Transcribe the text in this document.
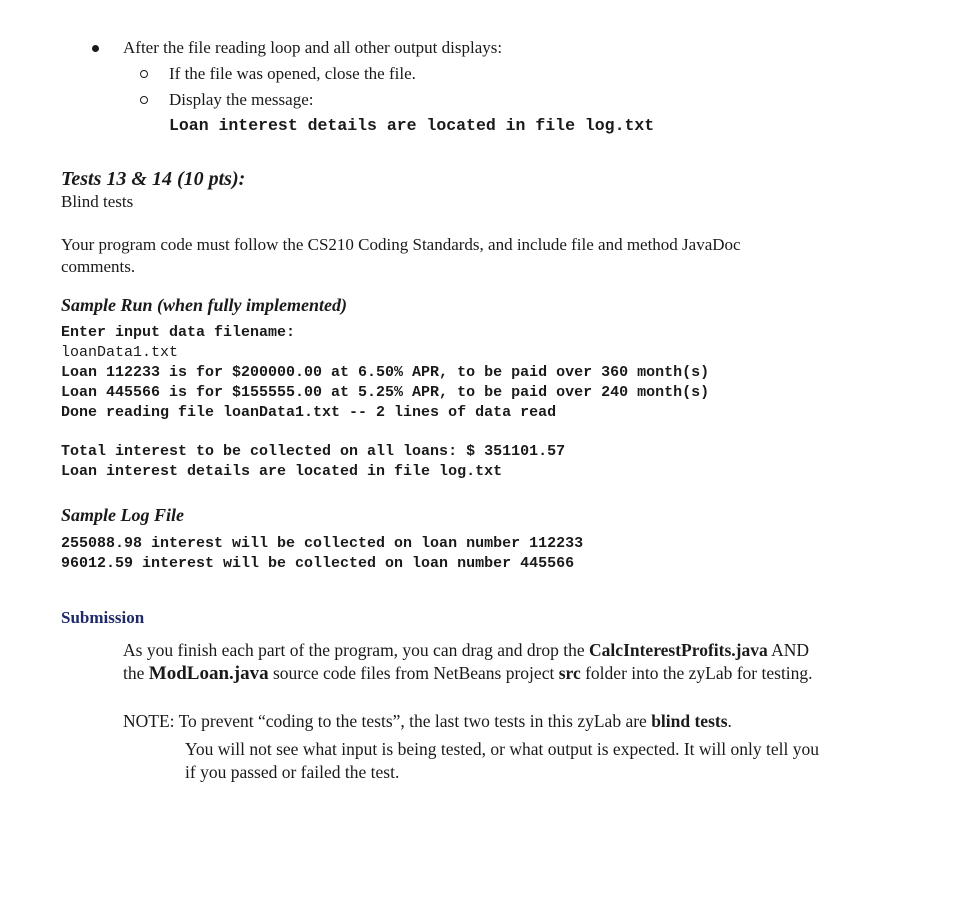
After the file reading loop and all other output displays:
If the file was opened, close the file.
Display the message:
Loan interest details are located in file log.txt
Tests 13 & 14 (10 pts):
Blind tests
Your program code must follow the CS210 Coding Standards, and include file and method JavaDoc
comments.
Sample Run (when fully implemented)
Enter input data filename:
loanData1.txt
Loan 112233 is for $200000.00 at 6.50% APR, to be paid over 360 month(s)
Loan 445566 is for $155555.00 at 5.25% APR, to be paid over 240 month(s)
Done reading file loanData1.txt -- 2 lines of data read
Total interest to be collected on all loans: $ 351101.57
Loan interest details are located in file log.txt
Sample Log File
255088.98 interest will be collected on loan number 112233
96012.59 interest will be collected on loan number 445566
Submission
As you finish each part of the program, you can drag and drop the CalcInterestProfits.java AND
the ModLoan.java source code files from NetBeans project src folder into the zyLab for testing.
NOTE: To prevent “coding to the tests”, the last two tests in this zyLab are blind tests.
You will not see what input is being tested, or what output is expected. It will only tell you
if you passed or failed the test.
